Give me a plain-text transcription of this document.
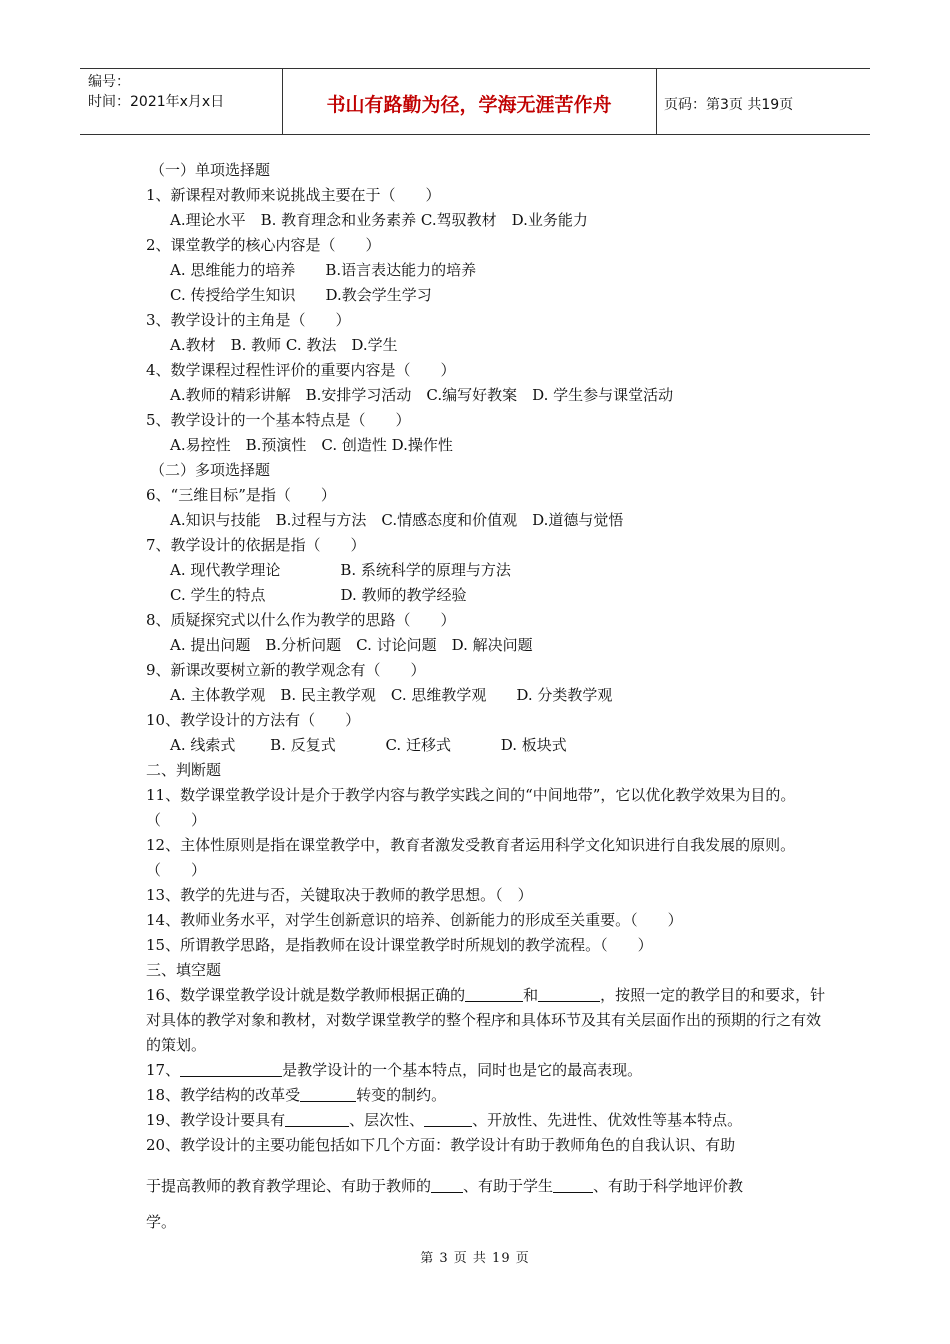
编号：
时间：2021年x月x日	书山有路勤为径，学海无涯苦作舟	页码：第3页 共19页
（一）单项选择题
1、新课程对教师来说挑战主要在于（　　）
A.理论水平　B. 教育理念和业务素养 C.驾驭教材　D.业务能力
2、课堂教学的核心内容是（　　）
A. 思维能力的培养　　B.语言表达能力的培养
C. 传授给学生知识　　D.教会学生学习
3、教学设计的主角是（　　）
A.教材　B. 教师 C. 教法　D.学生
4、数学课程过程性评价的重要内容是（　　）
A.教师的精彩讲解　B.安排学习活动　C.编写好教案　D. 学生参与课堂活动
5、教学设计的一个基本特点是（　　）
A.易控性　B.预演性　C. 创造性 D.操作性
（二）多项选择题
6、“三维目标”是指（　　）
A.知识与技能　B.过程与方法　C.情感态度和价值观　D.道德与觉悟
7、教学设计的依据是指（　　）
A. 现代教学理论　　　　B. 系统科学的原理与方法
C. 学生的特点　　　　　D. 教师的教学经验
8、质疑探究式以什么作为教学的思路（　　）
A. 提出问题　B.分析问题　C. 讨论问题　D. 解决问题
9、新课改要树立新的教学观念有（　　）
A. 主体教学观　B. 民主教学观　C. 思维教学观　　D. 分类教学观
10、教学设计的方法有（　　）
A. 线索式　　 B. 反复式　　　 C. 迁移式　　　 D. 板块式
二、判断题
11、数学课堂教学设计是介于教学内容与教学实践之间的“中间地带”，它以优化教学效果为目的。（　　）
12、主体性原则是指在课堂教学中，教育者激发受教育者运用科学文化知识进行自我发展的原则。（　　）
13、教学的先进与否，关键取决于教师的教学思想。（　）
14、教师业务水平，对学生创新意识的培养、创新能力的形成至关重要。（　　）
15、所谓教学思路，是指教师在设计课堂教学时所规划的教学流程。（　　）
三、填空题
16、数学课堂教学设计就是数学教师根据正确的	和	，按照一定的教学目的和要求，针对具体的教学对象和教材，对数学课堂教学的整个程序和具体环节及其有关层面作出的预期的行之有效的策划。
17、	是教学设计的一个基本特点，同时也是它的最高表现。
18、教学结构的改革受	转变的制约。
19、教学设计要具有	、层次性、	、开放性、先进性、优效性等基本特点。
20、教学设计的主要功能包括如下几个方面：教学设计有助于教师角色的自我认识、有助
于提高教师的教育教学理论、有助于教师的 、有助于学生	、有助于科学地评价教
学。
第 3 页 共 19 页
